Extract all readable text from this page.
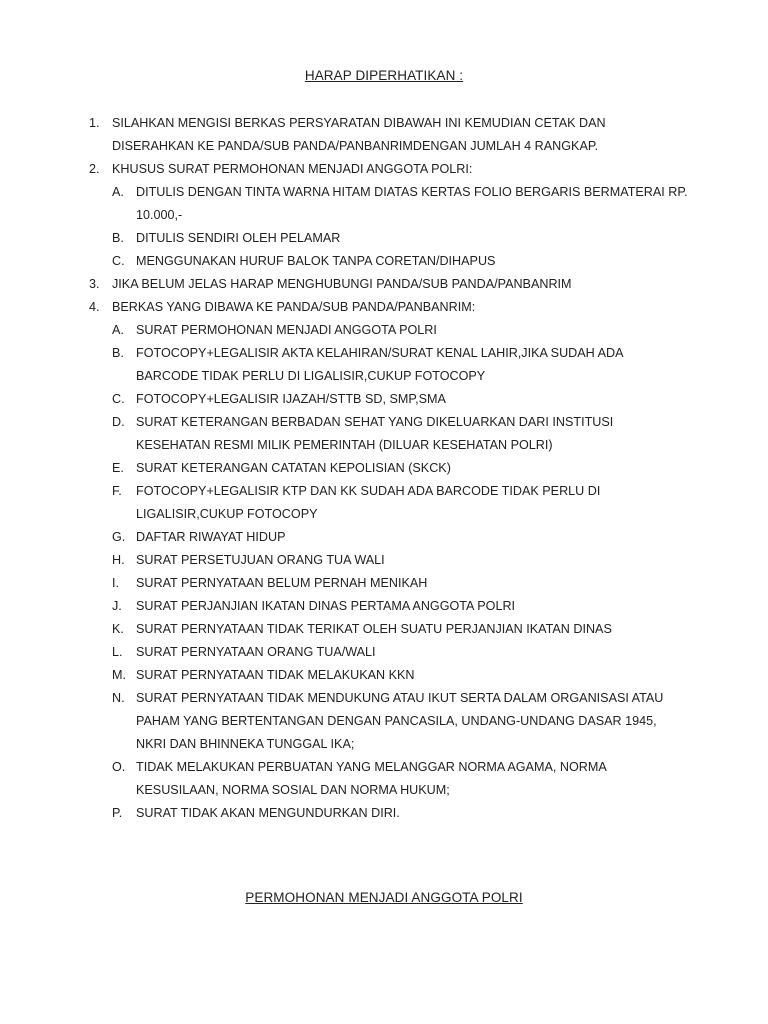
HARAP DIPERHATIKAN :
1. SILAHKAN MENGISI BERKAS PERSYARATAN DIBAWAH INI KEMUDIAN CETAK DAN DISERAHKAN KE PANDA/SUB PANDA/PANBANRIMDENGAN JUMLAH 4 RANGKAP.
2. KHUSUS SURAT PERMOHONAN MENJADI ANGGOTA POLRI:
A. DITULIS DENGAN TINTA WARNA HITAM DIATAS KERTAS FOLIO BERGARIS BERMATERAI RP. 10.000,-
B. DITULIS SENDIRI OLEH PELAMAR
C. MENGGUNAKAN HURUF BALOK TANPA CORETAN/DIHAPUS
3. JIKA BELUM JELAS HARAP MENGHUBUNGI PANDA/SUB PANDA/PANBANRIM
4. BERKAS YANG DIBAWA KE PANDA/SUB PANDA/PANBANRIM:
A. SURAT PERMOHONAN MENJADI ANGGOTA POLRI
B. FOTOCOPY+LEGALISIR AKTA KELAHIRAN/SURAT KENAL LAHIR,JIKA SUDAH ADA BARCODE TIDAK PERLU DI LIGALISIR,CUKUP FOTOCOPY
C. FOTOCOPY+LEGALISIR IJAZAH/STTB SD, SMP,SMA
D. SURAT KETERANGAN BERBADAN SEHAT YANG DIKELUARKAN DARI INSTITUSI KESEHATAN RESMI MILIK PEMERINTAH (DILUAR KESEHATAN POLRI)
E. SURAT KETERANGAN CATATAN KEPOLISIAN (SKCK)
F. FOTOCOPY+LEGALISIR KTP DAN KK SUDAH ADA BARCODE TIDAK PERLU DI LIGALISIR,CUKUP FOTOCOPY
G. DAFTAR RIWAYAT HIDUP
H. SURAT PERSETUJUAN ORANG TUA WALI
I. SURAT PERNYATAAN BELUM PERNAH MENIKAH
J. SURAT PERJANJIAN IKATAN DINAS PERTAMA ANGGOTA POLRI
K. SURAT PERNYATAAN TIDAK TERIKAT OLEH SUATU PERJANJIAN IKATAN DINAS
L. SURAT PERNYATAAN ORANG TUA/WALI
M. SURAT PERNYATAAN TIDAK MELAKUKAN KKN
N. SURAT PERNYATAAN TIDAK MENDUKUNG ATAU IKUT SERTA DALAM ORGANISASI ATAU PAHAM YANG BERTENTANGAN DENGAN PANCASILA, UNDANG-UNDANG DASAR 1945, NKRI DAN BHINNEKA TUNGGAL IKA;
O. TIDAK MELAKUKAN PERBUATAN YANG MELANGGAR NORMA AGAMA, NORMA KESUSILAAN, NORMA SOSIAL DAN NORMA HUKUM;
P. SURAT TIDAK AKAN MENGUNDURKAN DIRI.
PERMOHONAN MENJADI ANGGOTA POLRI
